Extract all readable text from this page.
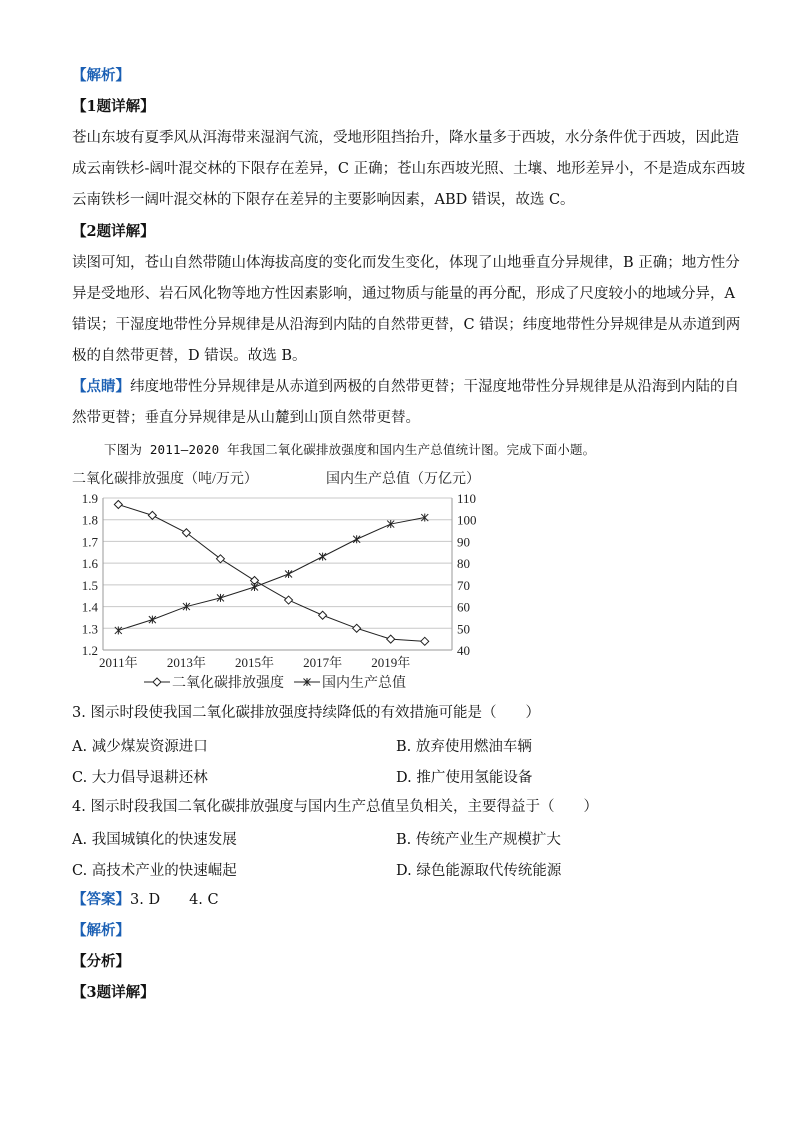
【解析】
【1题详解】
苍山东坡有夏季风从洱海带来湿润气流，受地形阻挡抬升，降水量多于西坡，水分条件优于西坡，因此造
成云南铁杉-阔叶混交林的下限存在差异，C 正确；苍山东西坡光照、土壤、地形差异小，不是造成东西坡
云南铁杉一阔叶混交林的下限存在差异的主要影响因素，ABD 错误，故选 C。
【2题详解】
读图可知，苍山自然带随山体海拔高度的变化而发生变化，体现了山地垂直分异规律，B 正确；地方性分
异是受地形、岩石风化物等地方性因素影响，通过物质与能量的再分配，形成了尺度较小的地域分异，A
错误；干湿度地带性分异规律是从沿海到内陆的自然带更替，C 错误；纬度地带性分异规律是从赤道到两
极的自然带更替，D 错误。故选 B。
【点睛】纬度地带性分异规律是从赤道到两极的自然带更替；干湿度地带性分异规律是从沿海到内陆的自
然带更替；垂直分异规律是从山麓到山顶自然带更替。
下图为 2011—2020 年我国二氧化碳排放强度和国内生产总值统计图。完成下面小题。
二氧化碳排放强度（吨/万元）	国内生产总值（万亿元）
1.9
1.8
1.7
1.6
1.5
1.4
1.3
1.2
110
100
90
80
70
60
50
40
2011年 2013年 2015年 2017年 2019年
二氧化碳排放强度	国内生产总值
3. 图示时段使我国二氧化碳排放强度持续降低的有效措施可能是（　　）
A. 减少煤炭资源进口	B. 放弃使用燃油车辆
C. 大力倡导退耕还林	D. 推广使用氢能设备
4. 图示时段我国二氧化碳排放强度与国内生产总值呈负相关，主要得益于（　　）
A. 我国城镇化的快速发展	B. 传统产业生产规模扩大
C. 高技术产业的快速崛起	D. 绿色能源取代传统能源
【答案】3. D　　4. C
【解析】
【分析】
【3题详解】
